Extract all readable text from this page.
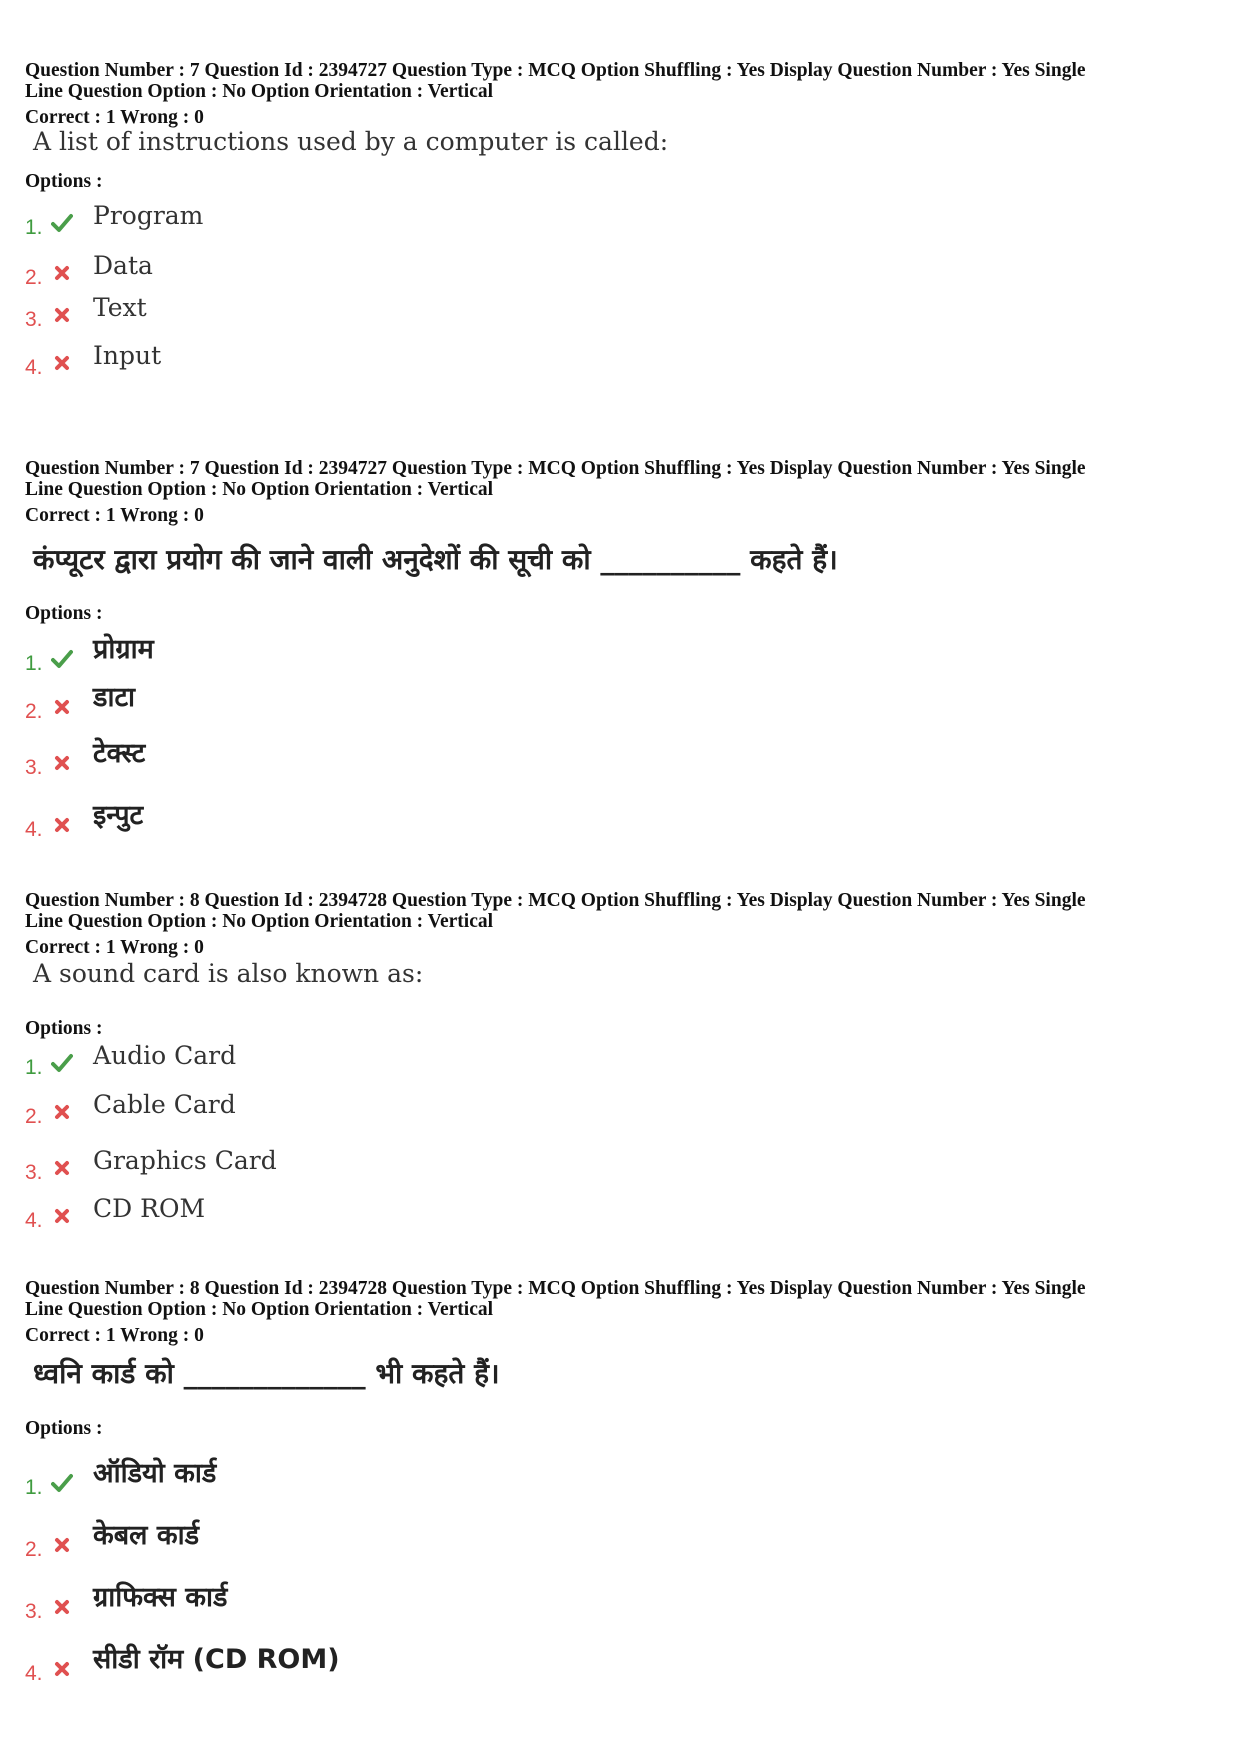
Question Number : 7 Question Id : 2394727 Question Type : MCQ Option Shuffling : Yes Display Question Number : Yes Single
Line Question Option : No Option Orientation : Vertical
Correct : 1 Wrong : 0
A list of instructions used by a computer is called:
Options :
1. Program
2. Data
3. Text
4. Input
Question Number : 7 Question Id : 2394727 Question Type : MCQ Option Shuffling : Yes Display Question Number : Yes Single
Line Question Option : No Option Orientation : Vertical
Correct : 1 Wrong : 0
कंप्यूटर द्वारा प्रयोग की जाने वाली अनुदेशों की सूची को __________ कहते हैं।
Options :
1. प्रोग्राम
2. डाटा
3. टेक्स्ट
4. इन्पुट
Question Number : 8 Question Id : 2394728 Question Type : MCQ Option Shuffling : Yes Display Question Number : Yes Single
Line Question Option : No Option Orientation : Vertical
Correct : 1 Wrong : 0
A sound card is also known as:
Options :
1. Audio Card
2. Cable Card
3. Graphics Card
4. CD ROM
Question Number : 8 Question Id : 2394728 Question Type : MCQ Option Shuffling : Yes Display Question Number : Yes Single
Line Question Option : No Option Orientation : Vertical
Correct : 1 Wrong : 0
ध्वनि कार्ड को _____________ भी कहते हैं।
Options :
1. ऑडियो कार्ड
2. केबल कार्ड
3. ग्राफिक्स कार्ड
4. सीडी रॉम (CD ROM)
